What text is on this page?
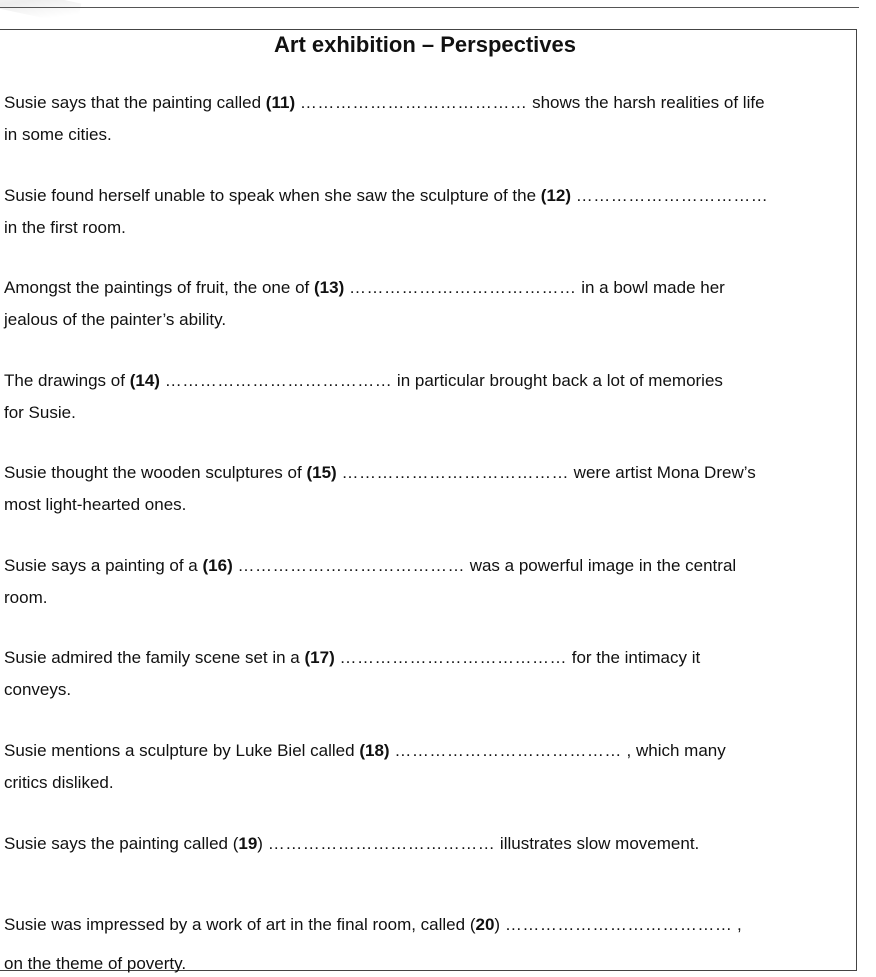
Art exhibition – Perspectives
Susie says that the painting called (11) ………………………………… shows the harsh realities of life
in some cities.
Susie found herself unable to speak when she saw the sculpture of the (12) ……………………………
in the first room.
Amongst the paintings of fruit, the one of (13) ………………………………… in a bowl made her
jealous of the painter’s ability.
The drawings of (14) ………………………………… in particular brought back a lot of memories
for Susie.
Susie thought the wooden sculptures of (15) ………………………………… were artist Mona Drew’s
most light-hearted ones.
Susie says a painting of a (16) ………………………………… was a powerful image in the central
room.
Susie admired the family scene set in a (17) ………………………………… for the intimacy it
conveys.
Susie mentions a sculpture by Luke Biel called (18) ………………………………… , which many
critics disliked.
Susie says the painting called (19) ………………………………… illustrates slow movement.
Susie was impressed by a work of art in the final room, called (20) ………………………………… ,
on the theme of poverty.
